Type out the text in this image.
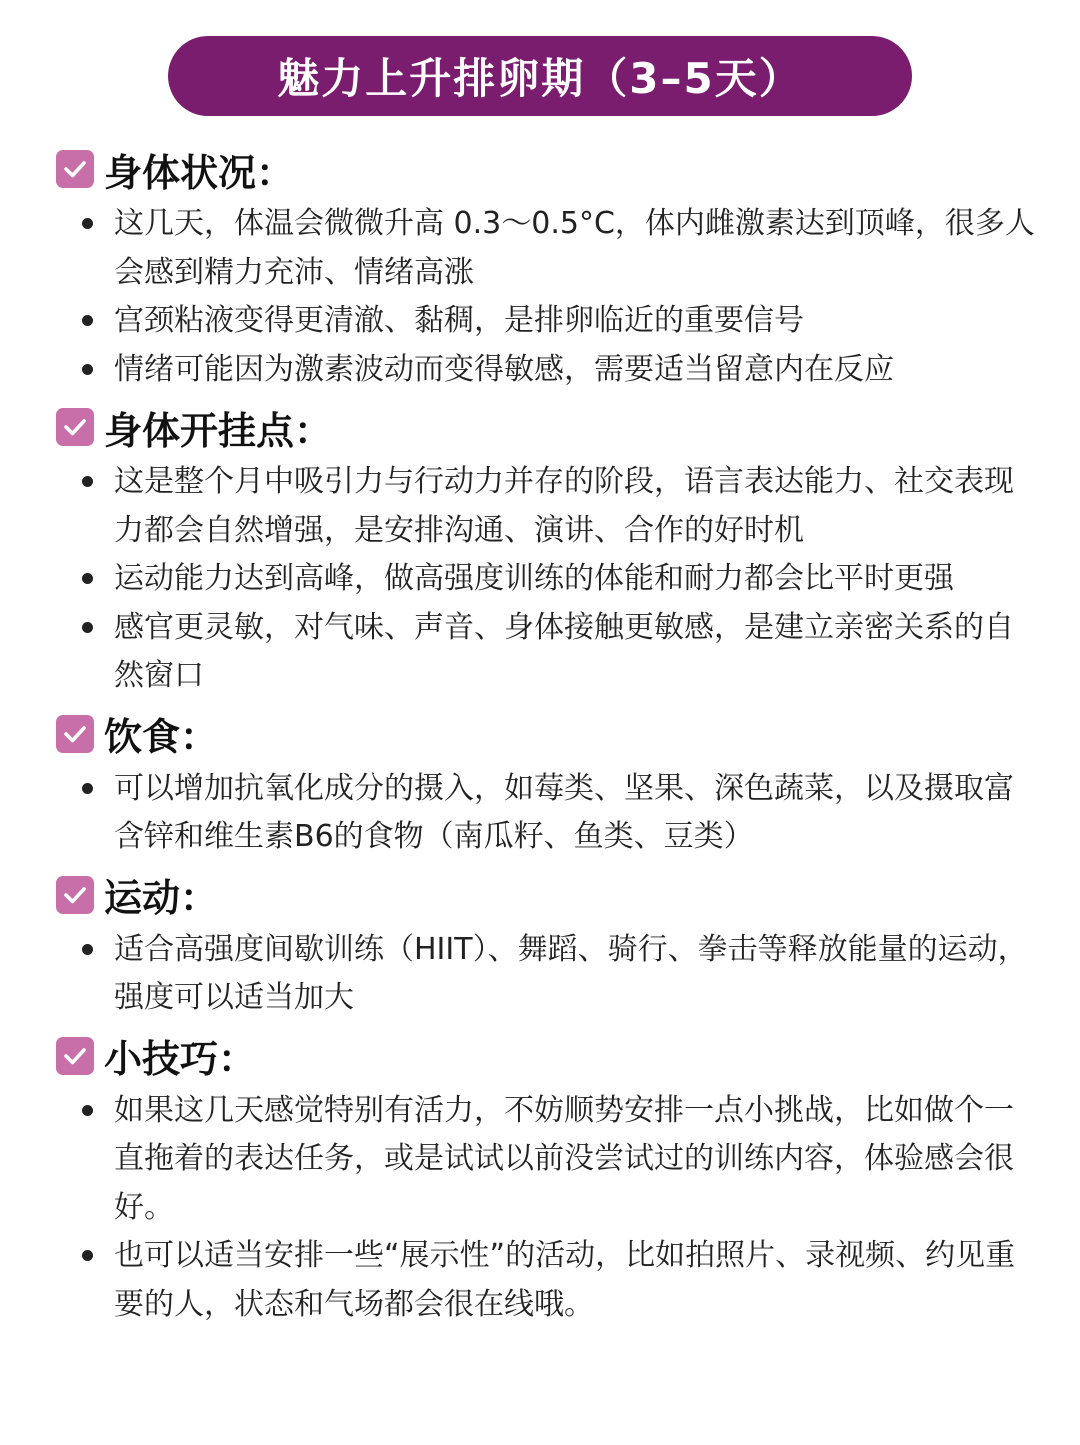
魅力上升排卵期（3–5天）
身体状况：
这几天，体温会微微升高 0.3～0.5°C，体内雌激素达到顶峰，很多人会感到精力充沛、情绪高涨
宫颈粘液变得更清澈、黏稠，是排卵临近的重要信号
情绪可能因为激素波动而变得敏感，需要适当留意内在反应
身体开挂点：
这是整个月中吸引力与行动力并存的阶段，语言表达能力、社交表现力都会自然增强，是安排沟通、演讲、合作的好时机
运动能力达到高峰，做高强度训练的体能和耐力都会比平时更强
感官更灵敏，对气味、声音、身体接触更敏感，是建立亲密关系的自然窗口
饮食：
可以增加抗氧化成分的摄入，如莓类、坚果、深色蔬菜，以及摄取富含锌和维生素B6的食物（南瓜籽、鱼类、豆类）
运动：
适合高强度间歇训练（HIIT）、舞蹈、骑行、拳击等释放能量的运动，强度可以适当加大
小技巧：
如果这几天感觉特别有活力，不妨顺势安排一点小挑战，比如做个一直拖着的表达任务，或是试试以前没尝试过的训练内容，体验感会很好。
也可以适当安排一些“展示性”的活动，比如拍照片、录视频、约见重要的人，状态和气场都会很在线哦。
